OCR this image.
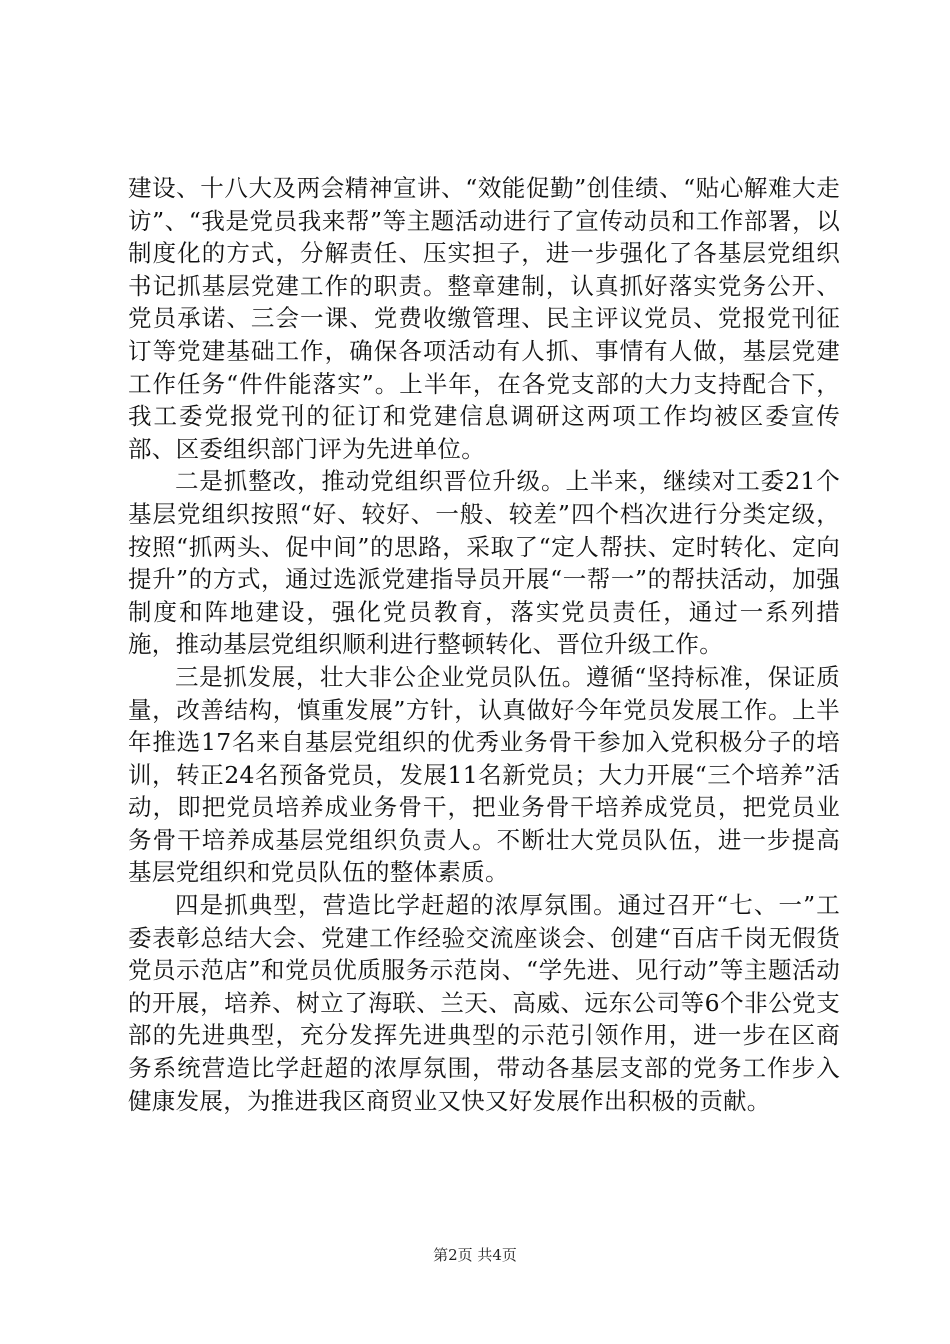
建设、十八大及两会精神宣讲、“效能促勤”创佳绩、“贴心解难大走访”、“我是党员我来帮”等主题活动进行了宣传动员和工作部署，以制度化的方式，分解责任、压实担子，进一步强化了各基层党组织书记抓基层党建工作的职责。整章建制，认真抓好落实党务公开、党员承诺、三会一课、党费收缴管理、民主评议党员、党报党刊征订等党建基础工作，确保各项活动有人抓、事情有人做，基层党建工作任务“件件能落实”。上半年，在各党支部的大力支持配合下，我工委党报党刊的征订和党建信息调研这两项工作均被区委宣传部、区委组织部门评为先进单位。

二是抓整改，推动党组织晋位升级。上半来，继续对工委21个基层党组织按照“好、较好、一般、较差”四个档次进行分类定级，按照“抓两头、促中间”的思路，采取了“定人帮扶、定时转化、定向提升”的方式，通过选派党建指导员开展“一帮一”的帮扶活动，加强制度和阵地建设，强化党员教育，落实党员责任，通过一系列措施，推动基层党组织顺利进行整顿转化、晋位升级工作。

三是抓发展，壮大非公企业党员队伍。遵循“坚持标准，保证质量，改善结构，慎重发展”方针，认真做好今年党员发展工作。上半年推选17名来自基层党组织的优秀业务骨干参加入党积极分子的培训，转正24名预备党员，发展11名新党员；大力开展“三个培养”活动，即把党员培养成业务骨干，把业务骨干培养成党员，把党员业务骨干培养成基层党组织负责人。不断壮大党员队伍，进一步提高基层党组织和党员队伍的整体素质。

四是抓典型，营造比学赶超的浓厚氛围。通过召开“七、一”工委表彰总结大会、党建工作经验交流座谈会、创建“百店千岗无假货党员示范店”和党员优质服务示范岗、“学先进、见行动”等主题活动的开展，培养、树立了海联、兰天、高威、远东公司等6个非公党支部的先进典型，充分发挥先进典型的示范引领作用，进一步在区商务系统营造比学赶超的浓厚氛围，带动各基层支部的党务工作步入健康发展，为推进我区商贸业又快又好发展作出积极的贡献。

第2页 共4页
